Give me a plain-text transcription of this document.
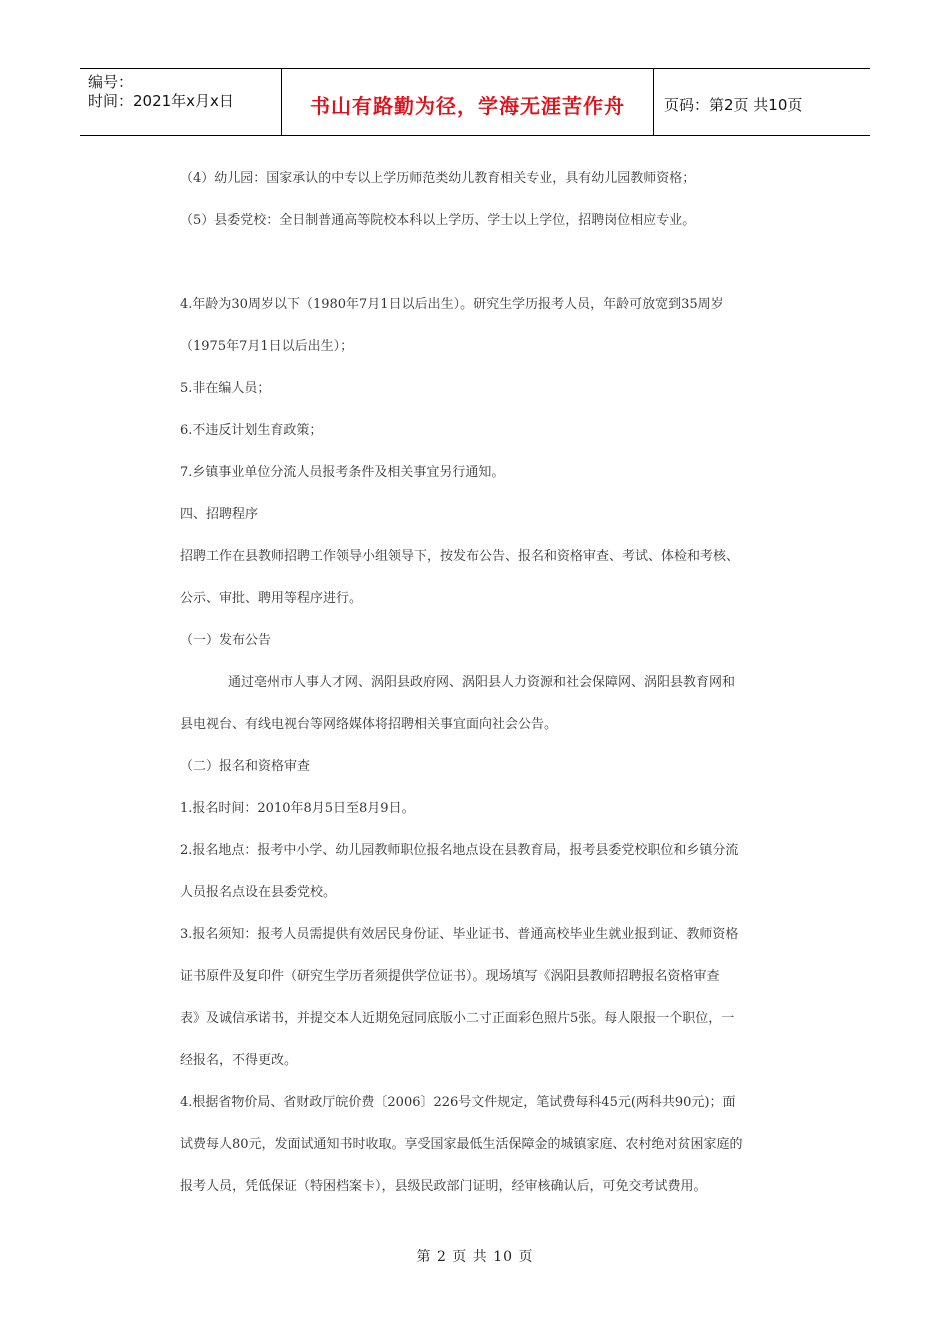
编号：
时间：2021年x月x日	书山有路勤为径，学海无涯苦作舟	页码：第2页 共10页
（4）幼儿园：国家承认的中专以上学历师范类幼儿教育相关专业，具有幼儿园教师资格；
（5）县委党校：全日制普通高等院校本科以上学历、学士以上学位，招聘岗位相应专业。
4.年龄为30周岁以下（1980年7月1日以后出生）。研究生学历报考人员，年龄可放宽到35周岁
（1975年7月1日以后出生）；
5.非在编人员；
6.不违反计划生育政策；
7.乡镇事业单位分流人员报考条件及相关事宜另行通知。
四、招聘程序
招聘工作在县教师招聘工作领导小组领导下，按发布公告、报名和资格审查、考试、体检和考核、
公示、审批、聘用等程序进行。
（一）发布公告
通过亳州市人事人才网、涡阳县政府网、涡阳县人力资源和社会保障网、涡阳县教育网和
县电视台、有线电视台等网络媒体将招聘相关事宜面向社会公告。
（二）报名和资格审查
1.报名时间：2010年8月5日至8月9日。
2.报名地点：报考中小学、幼儿园教师职位报名地点设在县教育局，报考县委党校职位和乡镇分流
人员报名点设在县委党校。
3.报名须知：报考人员需提供有效居民身份证、毕业证书、普通高校毕业生就业报到证、教师资格
证书原件及复印件（研究生学历者须提供学位证书）。现场填写《涡阳县教师招聘报名资格审查
表》及诚信承诺书，并提交本人近期免冠同底版小二寸正面彩色照片5张。每人限报一个职位，一
经报名，不得更改。
4.根据省物价局、省财政厅皖价费〔2006〕226号文件规定，笔试费每科45元(两科共90元)；面
试费每人80元，发面试通知书时收取。享受国家最低生活保障金的城镇家庭、农村绝对贫困家庭的
报考人员，凭低保证（特困档案卡），县级民政部门证明，经审核确认后，可免交考试费用。
第 2 页 共 10 页
